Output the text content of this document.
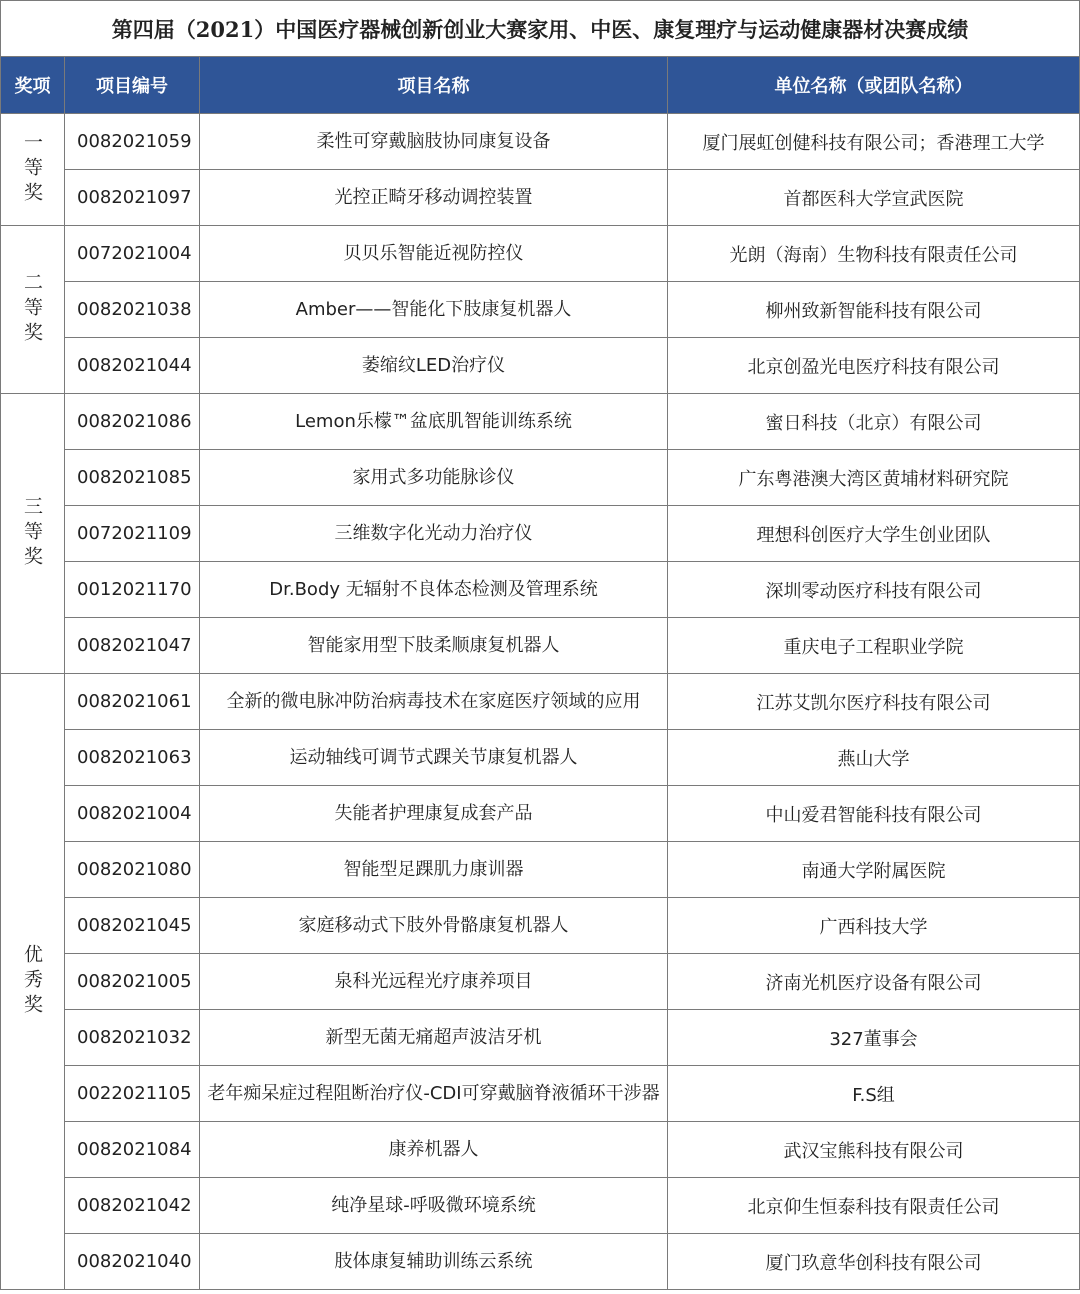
第四届（2021）中国医疗器械创新创业大赛家用、中医、康复理疗与运动健康器材决赛成绩
奖项	项目编号	项目名称	单位名称（或团队名称）
一等奖	0082021059	柔性可穿戴脑肢协同康复设备	厦门展虹创健科技有限公司；香港理工大学
	0082021097	光控正畸牙移动调控装置	首都医科大学宣武医院
二等奖	0072021004	贝贝乐智能近视防控仪	光朗（海南）生物科技有限责任公司
	0082021038	Amber——智能化下肢康复机器人	柳州致新智能科技有限公司
	0082021044	萎缩纹LED治疗仪	北京创盈光电医疗科技有限公司
三等奖	0082021086	Lemon乐檬™盆底肌智能训练系统	蜜日科技（北京）有限公司
	0082021085	家用式多功能脉诊仪	广东粤港澳大湾区黄埔材料研究院
	0072021109	三维数字化光动力治疗仪	理想科创医疗大学生创业团队
	0012021170	Dr.Body 无辐射不良体态检测及管理系统	深圳零动医疗科技有限公司
	0082021047	智能家用型下肢柔顺康复机器人	重庆电子工程职业学院
优秀奖	0082021061	全新的微电脉冲防治病毒技术在家庭医疗领域的应用	江苏艾凯尔医疗科技有限公司
	0082021063	运动轴线可调节式踝关节康复机器人	燕山大学
	0082021004	失能者护理康复成套产品	中山爱君智能科技有限公司
	0082021080	智能型足踝肌力康训器	南通大学附属医院
	0082021045	家庭移动式下肢外骨骼康复机器人	广西科技大学
	0082021005	泉科光远程光疗康养项目	济南光机医疗设备有限公司
	0082021032	新型无菌无痛超声波洁牙机	327董事会
	0022021105	老年痴呆症过程阻断治疗仪-CDI可穿戴脑脊液循环干涉器	F.S组
	0082021084	康养机器人	武汉宝熊科技有限公司
	0082021042	纯净星球-呼吸微环境系统	北京仰生恒泰科技有限责任公司
	0082021040	肢体康复辅助训练云系统	厦门玖意华创科技有限公司
